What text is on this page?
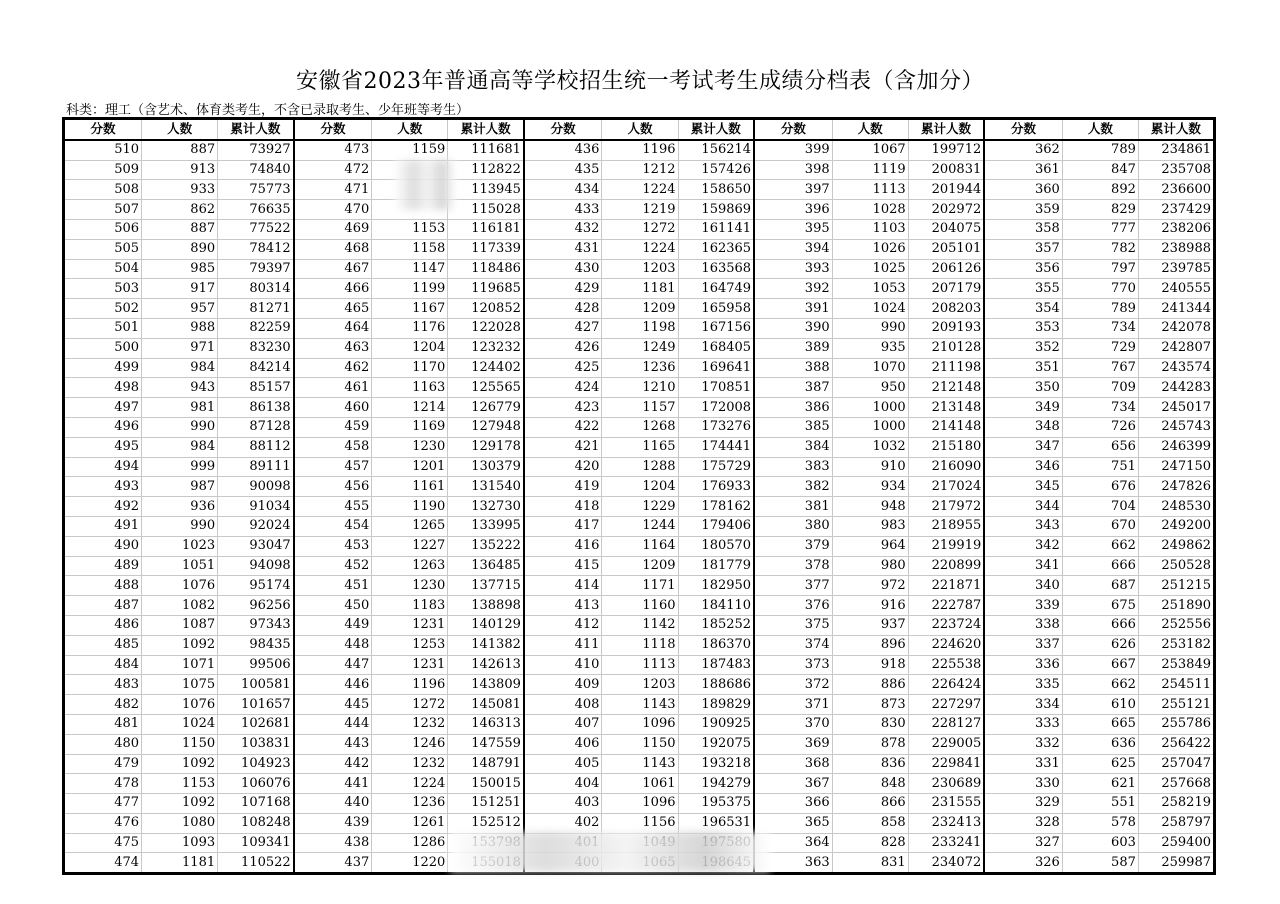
安徽省2023年普通高等学校招生统一考试考生成绩分档表（含加分）
科类：理工（含艺术、体育类考生，不含已录取考生、少年班等考生）
分数	人数	累计人数	分数	人数	累计人数	分数	人数	累计人数	分数	人数	累计人数	分数	人数	累计人数
510	887	73927	473	1159	111681	436	1196	156214	399	1067	199712	362	789	234861
509	913	74840	472		112822	435	1212	157426	398	1119	200831	361	847	235708
508	933	75773	471		113945	434	1224	158650	397	1113	201944	360	892	236600
507	862	76635	470		115028	433	1219	159869	396	1028	202972	359	829	237429
506	887	77522	469	1153	116181	432	1272	161141	395	1103	204075	358	777	238206
505	890	78412	468	1158	117339	431	1224	162365	394	1026	205101	357	782	238988
504	985	79397	467	1147	118486	430	1203	163568	393	1025	206126	356	797	239785
503	917	80314	466	1199	119685	429	1181	164749	392	1053	207179	355	770	240555
502	957	81271	465	1167	120852	428	1209	165958	391	1024	208203	354	789	241344
501	988	82259	464	1176	122028	427	1198	167156	390	990	209193	353	734	242078
500	971	83230	463	1204	123232	426	1249	168405	389	935	210128	352	729	242807
499	984	84214	462	1170	124402	425	1236	169641	388	1070	211198	351	767	243574
498	943	85157	461	1163	125565	424	1210	170851	387	950	212148	350	709	244283
497	981	86138	460	1214	126779	423	1157	172008	386	1000	213148	349	734	245017
496	990	87128	459	1169	127948	422	1268	173276	385	1000	214148	348	726	245743
495	984	88112	458	1230	129178	421	1165	174441	384	1032	215180	347	656	246399
494	999	89111	457	1201	130379	420	1288	175729	383	910	216090	346	751	247150
493	987	90098	456	1161	131540	419	1204	176933	382	934	217024	345	676	247826
492	936	91034	455	1190	132730	418	1229	178162	381	948	217972	344	704	248530
491	990	92024	454	1265	133995	417	1244	179406	380	983	218955	343	670	249200
490	1023	93047	453	1227	135222	416	1164	180570	379	964	219919	342	662	249862
489	1051	94098	452	1263	136485	415	1209	181779	378	980	220899	341	666	250528
488	1076	95174	451	1230	137715	414	1171	182950	377	972	221871	340	687	251215
487	1082	96256	450	1183	138898	413	1160	184110	376	916	222787	339	675	251890
486	1087	97343	449	1231	140129	412	1142	185252	375	937	223724	338	666	252556
485	1092	98435	448	1253	141382	411	1118	186370	374	896	224620	337	626	253182
484	1071	99506	447	1231	142613	410	1113	187483	373	918	225538	336	667	253849
483	1075	100581	446	1196	143809	409	1203	188686	372	886	226424	335	662	254511
482	1076	101657	445	1272	145081	408	1143	189829	371	873	227297	334	610	255121
481	1024	102681	444	1232	146313	407	1096	190925	370	830	228127	333	665	255786
480	1150	103831	443	1246	147559	406	1150	192075	369	878	229005	332	636	256422
479	1092	104923	442	1232	148791	405	1143	193218	368	836	229841	331	625	257047
478	1153	106076	441	1224	150015	404	1061	194279	367	848	230689	330	621	257668
477	1092	107168	440	1236	151251	403	1096	195375	366	866	231555	329	551	258219
476	1080	108248	439	1261	152512	402	1156	196531	365	858	232413	328	578	258797
475	1093	109341	438	1286					364	828	233241	327	603	259400
474	1181	110522	437	1220					363	831	234072	326	587	259987
